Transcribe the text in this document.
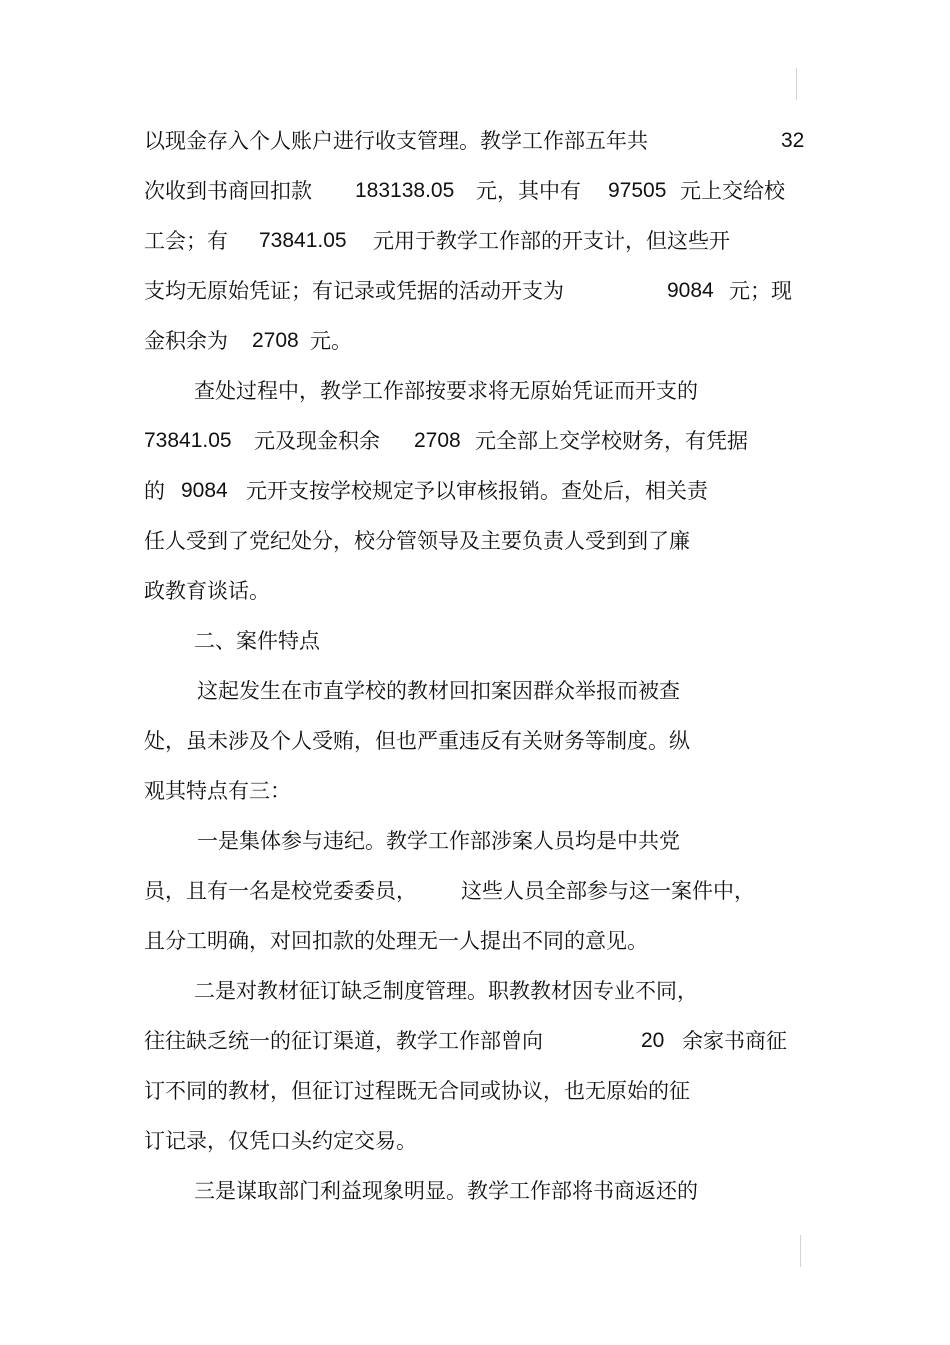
以现金存入个人账户进行收支管理。教学工作部五年共	32
次收到书商回扣款 183138.05 元，其中有 97505 元上交给校
工会；有 73841.05 元用于教学工作部的开支计，但这些开
支均无原始凭证；有记录或凭据的活动开支为	9084 元；现
金积余为 2708 元。
查处过程中，教学工作部按要求将无原始凭证而开支的
73841.05 元及现金积余 2708 元全部上交学校财务，有凭据
的 9084 元开支按学校规定予以审核报销。查处后，相关责
任人受到了党纪处分，校分管领导及主要负责人受到到了廉
政教育谈话。
二、案件特点
这起发生在市直学校的教材回扣案因群众举报而被查
处，虽未涉及个人受贿，但也严重违反有关财务等制度。纵
观其特点有三：
一是集体参与违纪。教学工作部涉案人员均是中共党
员，且有一名是校党委委员， 这些人员全部参与这一案件中，
且分工明确，对回扣款的处理无一人提出不同的意见。
二是对教材征订缺乏制度管理。职教教材因专业不同，
往往缺乏统一的征订渠道，教学工作部曾向	20 余家书商征
订不同的教材，但征订过程既无合同或协议，也无原始的征
订记录，仅凭口头约定交易。
三是谋取部门利益现象明显。教学工作部将书商返还的
